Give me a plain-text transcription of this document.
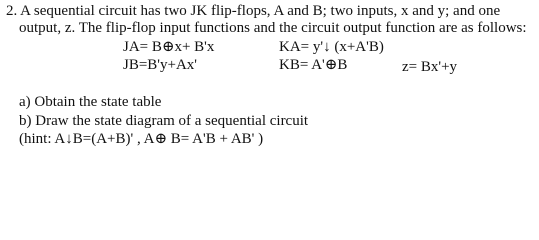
2. A sequential circuit has two JK flip-flops, A and B; two inputs, x and y; and one
output, z. The flip-flop input functions and the circuit output function are as follows:
JA= B⊕x+ B'x
JB=B'y+Ax'
KA= y'↓ (x+A'B)
KB= A'⊕B	z= Bx'+y
a) Obtain the state table
b) Draw the state diagram of a sequential circuit
(hint: A↓B=(A+B)' , A⊕ B= A'B + AB' )
